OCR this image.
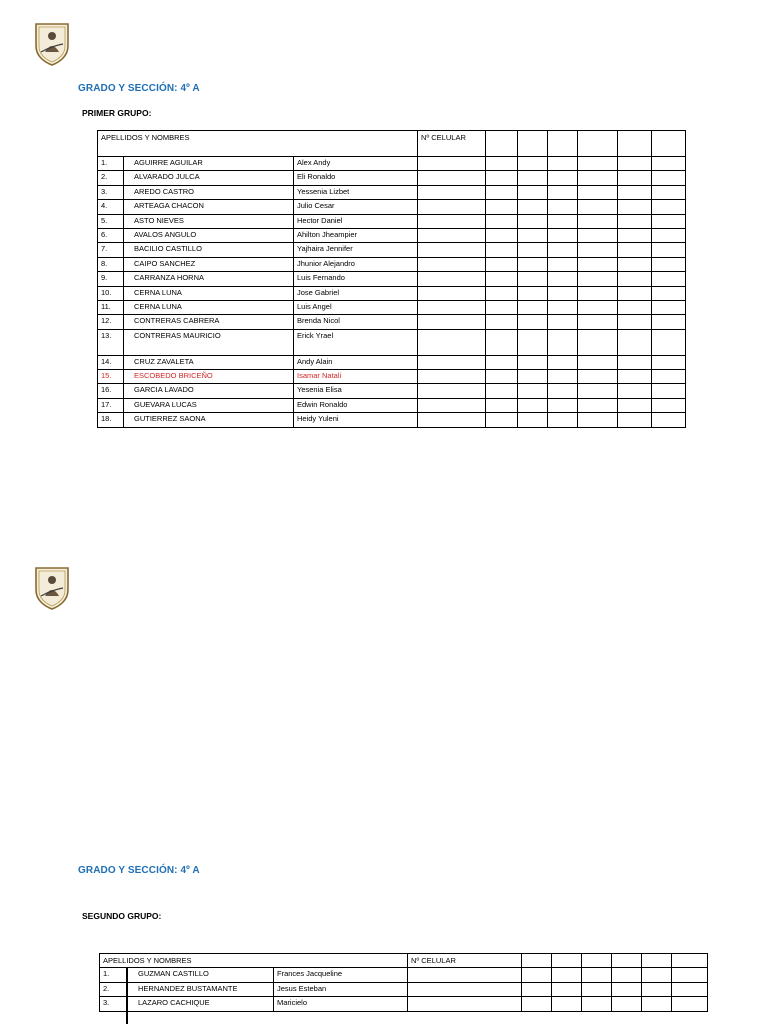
GRADO Y SECCIÓN: 4º A
PRIMER GRUPO:
APELLIDOS Y NOMBRES			Nº CELULAR						
1.	AGUIRRE AGUILAR	Alex Andy							
2.	ALVARADO JULCA	Eli Ronaldo							
3.	AREDO CASTRO	Yessenia Lizbet							
4.	ARTEAGA CHACON	Julio Cesar							
5.	ASTO NIEVES	Hector Daniel							
6.	AVALOS ANGULO	Ahilton Jheampier							
7.	BACILIO CASTILLO	Yajhaira Jennifer							
8.	CAIPO SANCHEZ	Jhunior Alejandro							
9.	CARRANZA HORNA	Luis Fernando							
10.	CERNA LUNA	Jose Gabriel							
11.	CERNA LUNA	Luis Angel							
12.	CONTRERAS CABRERA	Brenda Nicol							
13.	CONTRERAS MAURICIO	Erick Yrael							
14.	CRUZ ZAVALETA	Andy Alain							
15.	ESCOBEDO BRICEÑO	Isamar Natali							
16.	GARCIA LAVADO	Yesenia Elisa							
17.	GUEVARA LUCAS	Edwin Ronaldo							
18.	GUTIERREZ SAONA	Heidy Yuleni							
GRADO Y SECCIÓN: 4º A
SEGUNDO GRUPO:
APELLIDOS Y NOMBRES			Nº CELULAR						
1.	GUZMAN CASTILLO	Frances Jacqueline							
2.	HERNANDEZ BUSTAMANTE	Jesus Esteban							
3.	LAZARO CACHIQUE	Maricielo							
